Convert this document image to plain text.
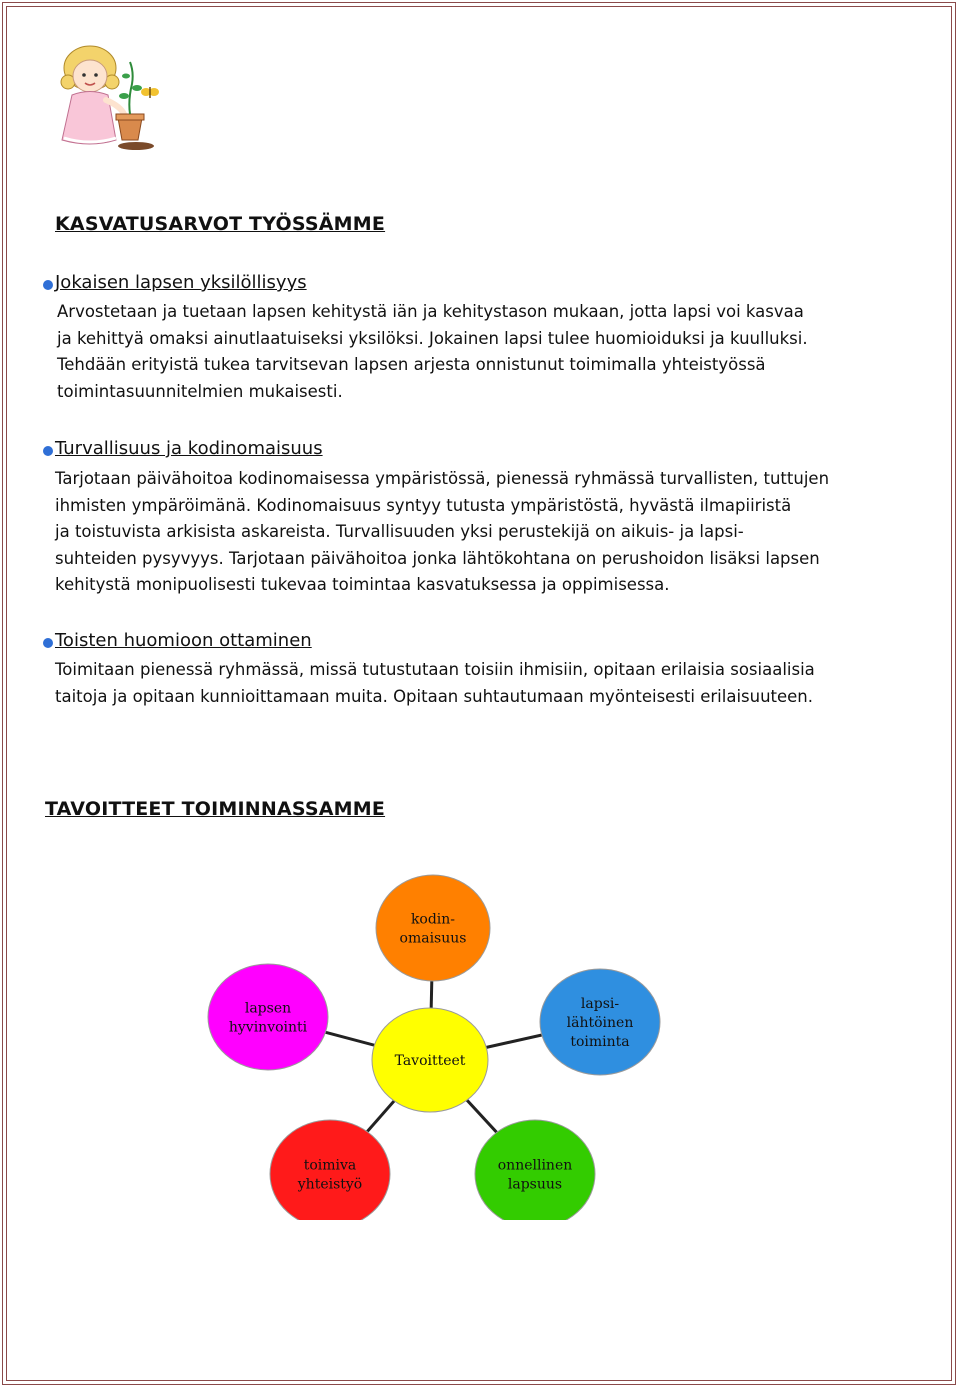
KASVATUSARVOT TYÖSSÄMME
Jokaisen lapsen yksilöllisyys
Arvostetaan ja tuetaan lapsen kehitystä iän ja kehitystason mukaan, jotta lapsi voi kasvaa
ja kehittyä omaksi ainutlaatuiseksi yksilöksi. Jokainen lapsi tulee huomioiduksi ja kuulluksi.
Tehdään erityistä tukea tarvitsevan lapsen arjesta onnistunut toimimalla yhteistyössä
toimintasuunnitelmien mukaisesti.
Turvallisuus ja kodinomaisuus
Tarjotaan päivähoitoa kodinomaisessa ympäristössä, pienessä ryhmässä turvallisten, tuttujen
ihmisten ympäröimänä. Kodinomaisuus syntyy tutusta ympäristöstä, hyvästä ilmapiiristä
ja toistuvista arkisista askareista. Turvallisuuden yksi perustekijä on aikuis- ja lapsi-
suhteiden pysyvyys. Tarjotaan päivähoitoa jonka lähtökohtana on perushoidon lisäksi lapsen
kehitystä monipuolisesti tukevaa toimintaa kasvatuksessa ja oppimisessa.
Toisten huomioon ottaminen
Toimitaan pienessä ryhmässä, missä tutustutaan toisiin ihmisiin, opitaan erilaisia sosiaalisia
taitoja ja opitaan kunnioittamaan muita. Opitaan suhtautumaan myönteisesti erilaisuuteen.
TAVOITTEET TOIMINNASSAMME
kodin-omaisuus
lapsen hyvinvointi
lapsi-lähtöinen toiminta
toimiva yhteistyö
onnellinen lapsuus
Tavoitteet
